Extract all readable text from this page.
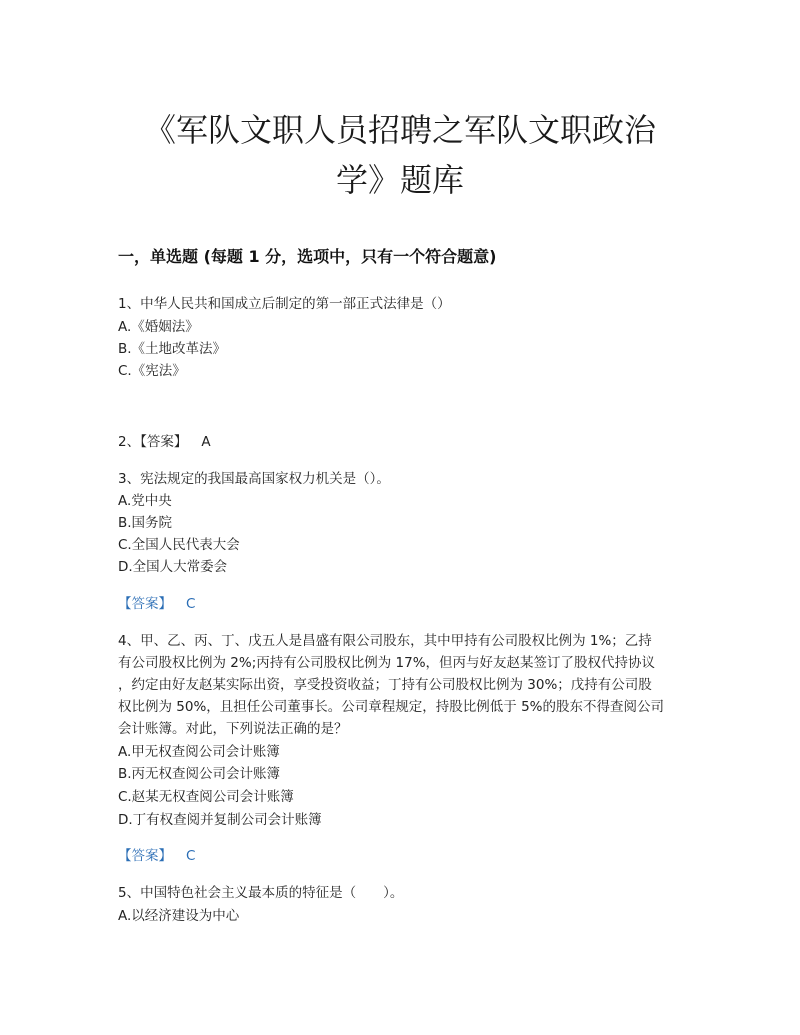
《军队文职人员招聘之军队文职政治
学》题库
一，单选题 (每题 1 分，选项中，只有一个符合题意)
1、中华人民共和国成立后制定的第一部正式法律是（）
A.《婚姻法》
B.《土地改革法》
C.《宪法》
2、【答案】 A
3、宪法规定的我国最高国家权力机关是（）。
A.党中央
B.国务院
C.全国人民代表大会
D.全国人大常委会
【答案】 C
4、甲、乙、丙、丁、戊五人是昌盛有限公司股东，其中甲持有公司股权比例为 1%；乙持
有公司股权比例为 2%;丙持有公司股权比例为 17%，但丙与好友赵某签订了股权代持协议
，约定由好友赵某实际出资，享受投资收益；丁持有公司股权比例为 30%；戊持有公司股
权比例为 50%，且担任公司董事长。公司章程规定，持股比例低于 5%的股东不得查阅公司
会计账簿。对此，下列说法正确的是？
A.甲无权查阅公司会计账簿
B.丙无权查阅公司会计账簿
C.赵某无权查阅公司会计账簿
D.丁有权查阅并复制公司会计账簿
【答案】 C
5、中国特色社会主义最本质的特征是（　　）。
A.以经济建设为中心
